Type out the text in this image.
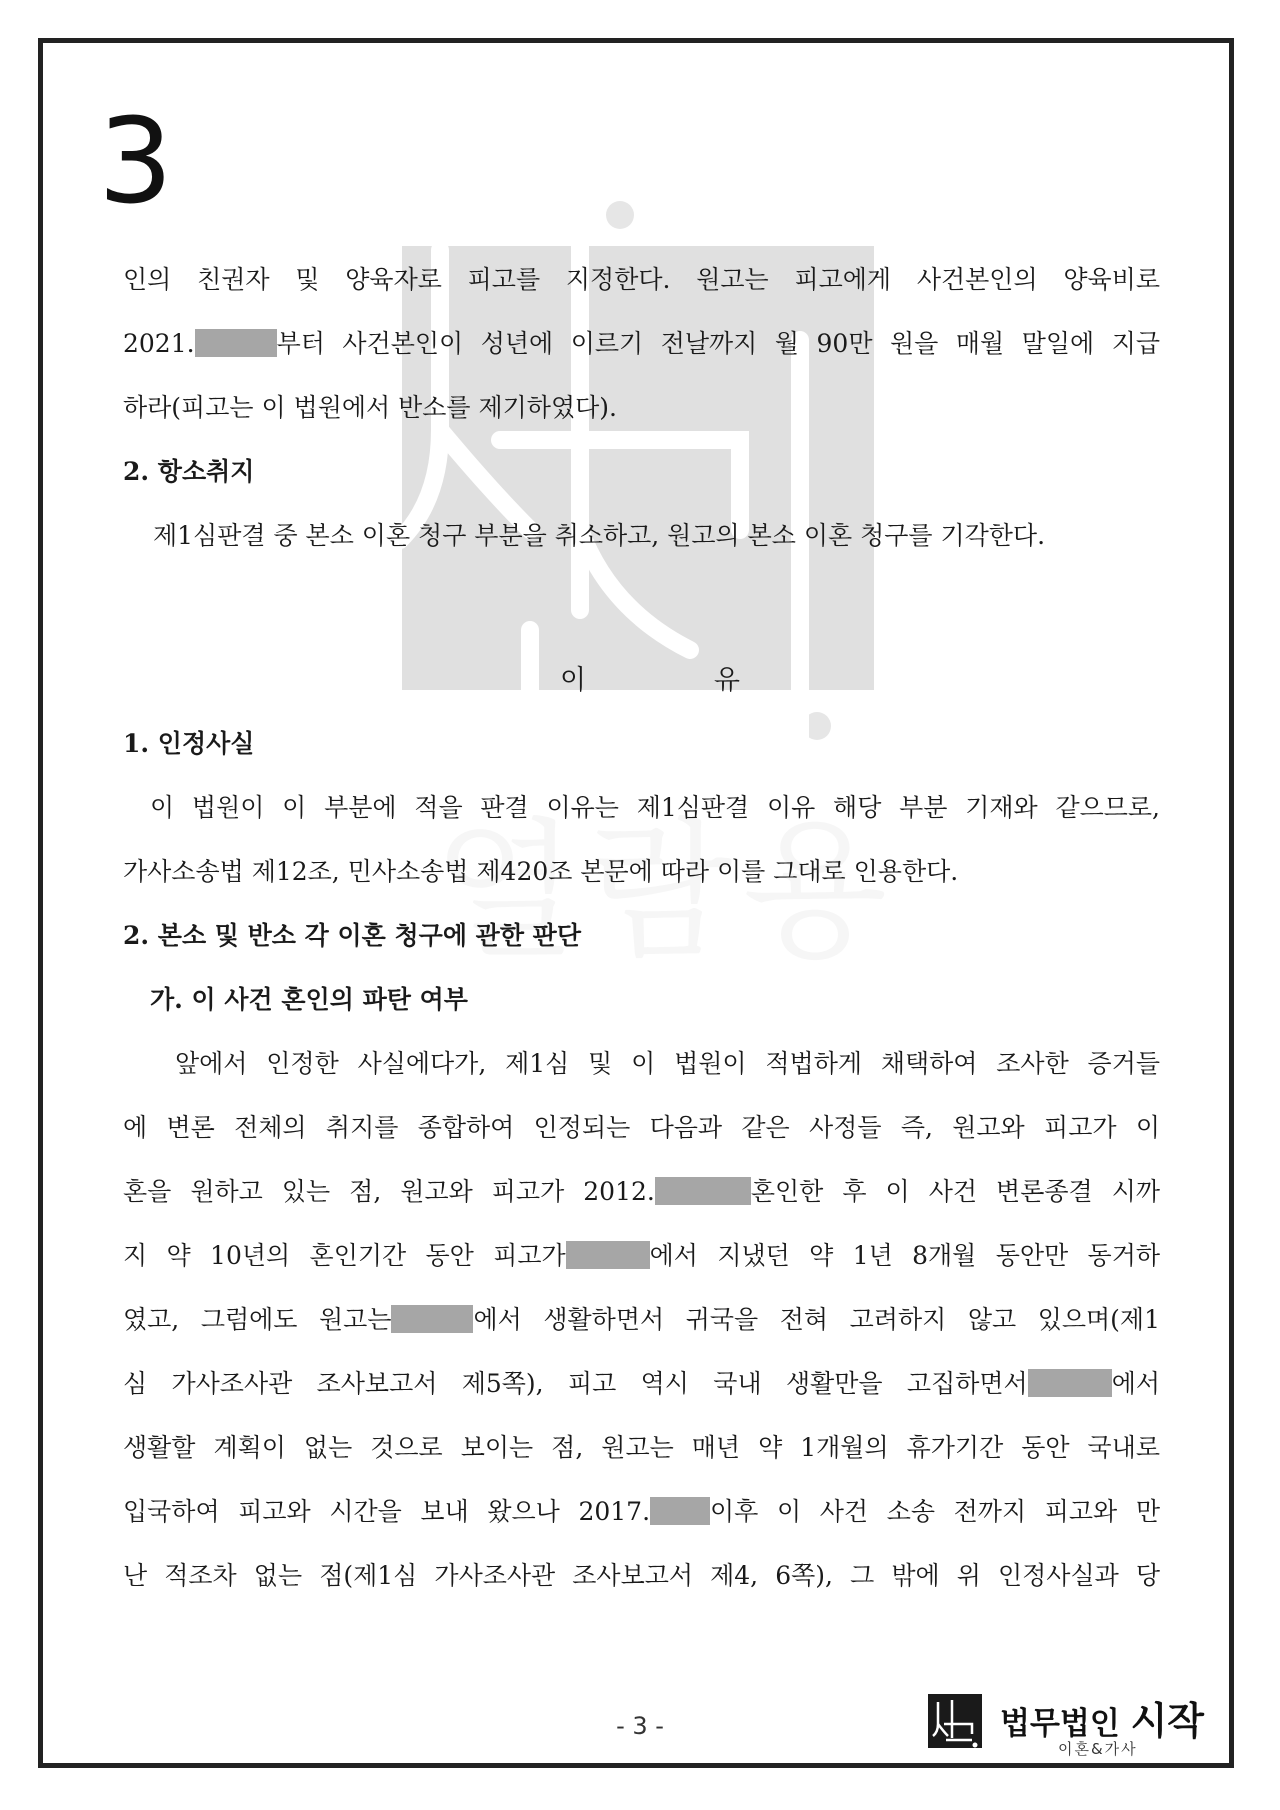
3
인의 친권자 및 양육자로 피고를 지정한다. 원고는 피고에게 사건본인의 양육비로
2021.	부터 사건본인이 성년에 이르기 전날까지 월 90만 원을 매월 말일에 지급
하라(피고는 이 법원에서 반소를 제기하였다).
2. 항소취지
제1심판결 중 본소 이혼 청구 부분을 취소하고, 원고의 본소 이혼 청구를 기각한다.
이	유
1. 인정사실
이 법원이 이 부분에 적을 판결 이유는 제1심판결 이유 해당 부분 기재와 같으므로,
가사소송법 제12조, 민사소송법 제420조 본문에 따라 이를 그대로 인용한다.
2. 본소 및 반소 각 이혼 청구에 관한 판단
가. 이 사건 혼인의 파탄 여부
앞에서 인정한 사실에다가, 제1심 및 이 법원이 적법하게 채택하여 조사한 증거들
에 변론 전체의 취지를 종합하여 인정되는 다음과 같은 사정들 즉, 원고와 피고가 이
혼을 원하고 있는 점, 원고와 피고가 2012.	혼인한 후 이 사건 변론종결 시까
지 약 10년의 혼인기간 동안 피고가	에서 지냈던 약 1년 8개월 동안만 동거하
였고, 그럼에도 원고는	에서 생활하면서 귀국을 전혀 고려하지 않고 있으며(제1
심 가사조사관 조사보고서 제5쪽), 피고 역시 국내 생활만을 고집하면서	에서
생활할 계획이 없는 것으로 보이는 점, 원고는 매년 약 1개월의 휴가기간 동안 국내로
입국하여 피고와 시간을 보내 왔으나 2017. 이후 이 사건 소송 전까지 피고와 만
난 적조차 없는 점(제1심 가사조사관 조사보고서 제4, 6쪽), 그 밖에 위 인정사실과 당
- 3 -	법무법인 시작
이혼&가사
